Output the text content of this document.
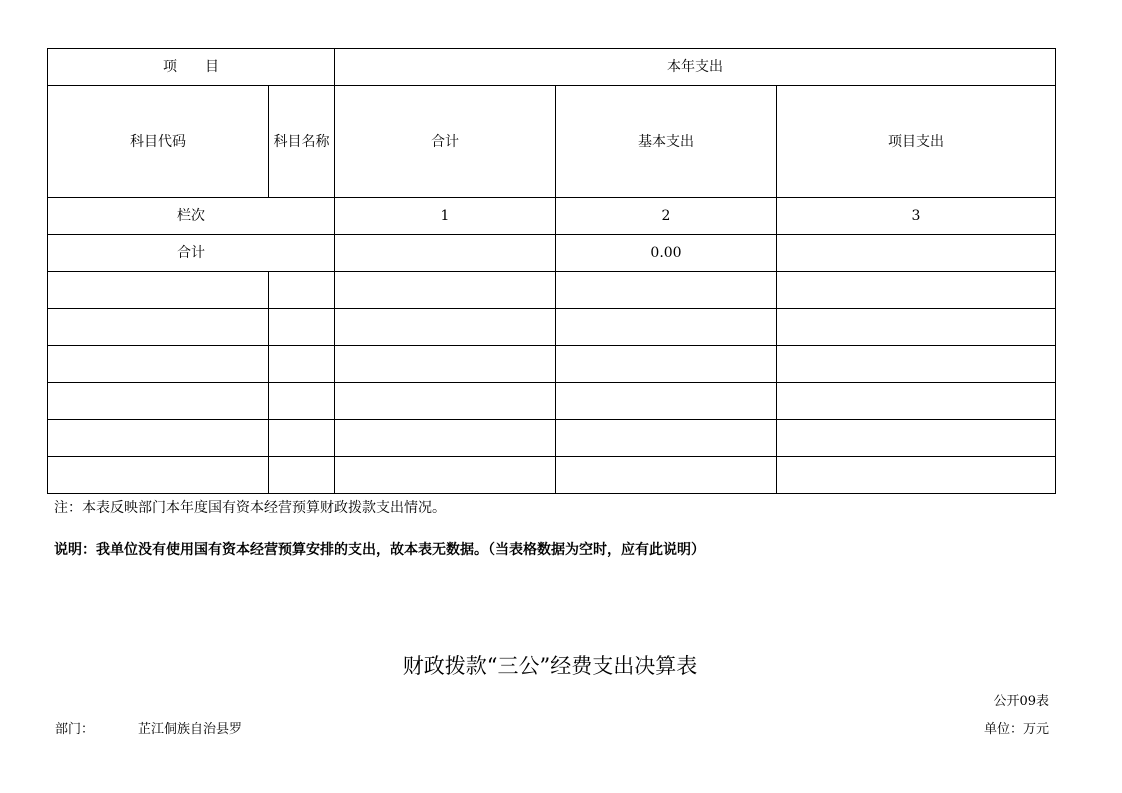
项　　目		本年支出		
科目代码	科目名称	合计	基本支出	项目支出
栏次		1	2	3
合计			0.00	

注：本表反映部门本年度国有资本经营预算财政拨款支出情况。
说明：我单位没有使用国有资本经营预算安排的支出，故本表无数据。（当表格数据为空时，应有此说明）
财政拨款“三公”经费支出决算表
公开09表
部门：	芷江侗族自治县罗	单位：万元
